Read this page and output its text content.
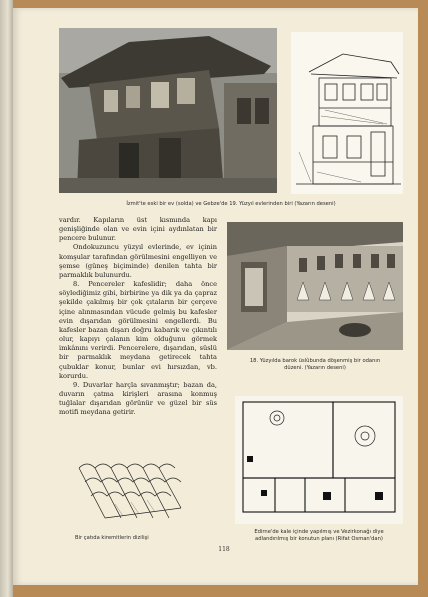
İzmit'te eski bir ev (solda) ve Gebze'de 19. Yüzyıl evlerinden biri (Yazarın deseni)

vardır. Kapıların üst kısmında kapı genişliğinde olan ve evin içini aydınlatan bir pencere bulunur.

Ondokuzuncu yüzyıl evlerinde, ev içinin komşular tarafından görülmesini engelliyen ve şemse (güneş biçiminde) denilen tahta bir parmaklık bulunurdu.

8. Pencereler kafeslidir; daha önce söylediğimiz gibi, birbirine ya dik ya da çapraz şekilde çakılmış bir çok çıtaların bir çerçeve içine alınmasından vücude gelmiş bu kafesler evin dışarıdan görülmesini engellerdi. Bu kafesler bazan dışarı doğru kabarık ve çıkıntılı olur, kapıyı çalanın kim olduğunu görmek imkânını verirdi. Pencerelere, dışarıdan, süslü bir parmaklık meydana getirecek tahta çubuklar konur, bunlar evi hırsızdan, vb. korurdu.

9. Duvarlar harçla sıvanmıştır; bazan da, duvarın çatma kirişleri arasına konmuş tuğlalar dışarıdan görünür ve güzel bir süs motifi meydana getirir.

18. Yüzyılda barok üslûbunda döşenmiş bir odanın
düzeni. (Yazarın deseni)
Bir çatıda kiremitlerin dizilişi
Edirne'de kale içinde yapılmış ve Vezirkonağı diye
adlandırılmış bir konutun planı (Rifat Osman'dan)
118
